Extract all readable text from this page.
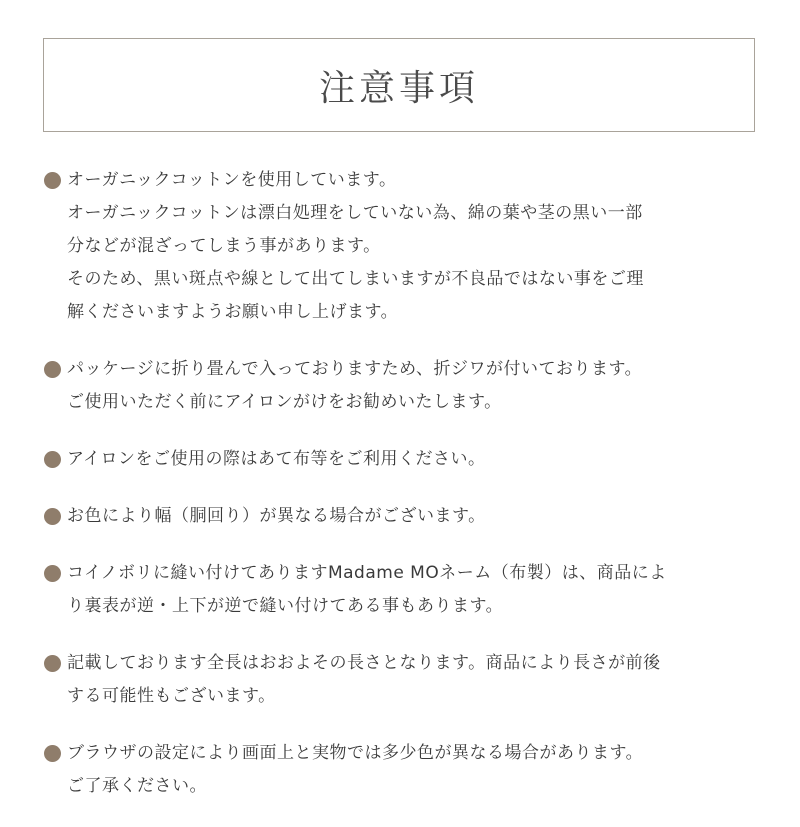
注意事項
オーガニックコットンを使用しています。
オーガニックコットンは漂白処理をしていない為、綿の葉や茎の黒い一部
分などが混ざってしまう事があります。
そのため、黒い斑点や線として出てしまいますが不良品ではない事をご理
解くださいますようお願い申し上げます。
パッケージに折り畳んで入っておりますため、折ジワが付いております。
ご使用いただく前にアイロンがけをお勧めいたします。
アイロンをご使用の際はあて布等をご利用ください。
お色により幅（胴回り）が異なる場合がございます。
コイノボリに縫い付けてありますMadame MOネーム（布製）は、商品によ
り裏表が逆・上下が逆で縫い付けてある事もあります。
記載しております全長はおおよその長さとなります。商品により長さが前後
する可能性もございます。
ブラウザの設定により画面上と実物では多少色が異なる場合があります。
ご了承ください。
